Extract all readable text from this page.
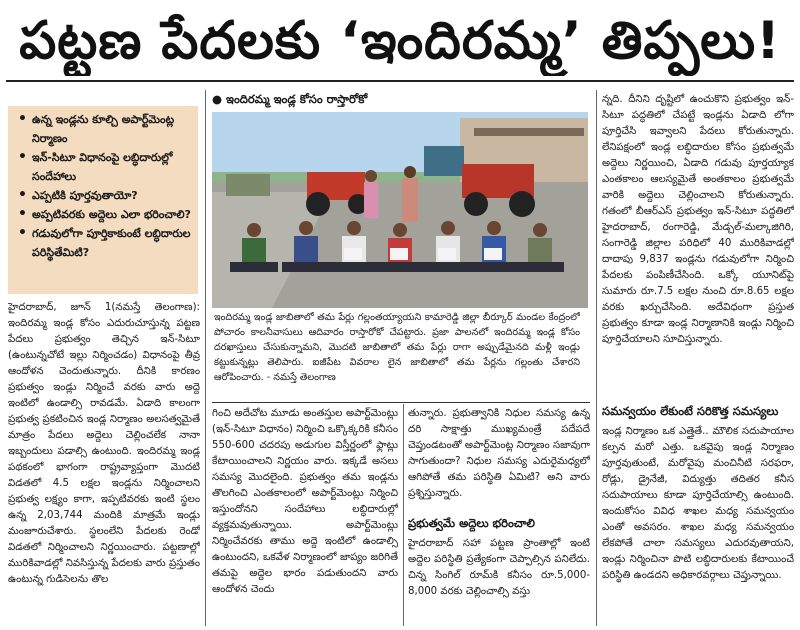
పట్టణ పేదలకు ‘ఇందిరమ్మ’ తిప్పలు!
• ఉన్న ఇండ్లను కూల్చి అపార్ట్‌మెంట్ల నిర్మాణం
• ఇన్‌-సిటూ విధానంపై లబ్ధిదారుల్లో సందేహాలు
• ఎప్పటికి పూర్తవుతాయో?
• అప్పటివరకు అద్దెలు ఎలా భరించాలి?
• గడువులోగా పూర్తికాకుంటే లబ్ధిదారుల పరిస్థితేమిటి?

హైదరాబాద్‌, జూన్ 1(నమస్తే తెలంగాణ): ఇందిరమ్మ ఇండ్ల కోసం ఎదురుచూస్తున్న పట్టణ పేదలు ప్రభుత్వం తెచ్చిన ఇన్‌-సిటూ (ఉంటున్నచోటే ఇల్లు నిర్మించడం) విధానంపై తీవ్ర ఆందోళన చెందుతున్నారు. దీనికి కారణం ప్రభుత్వం ఇండ్లు నిర్మించే వరకు వారు అద్దె ఇంటిలో ఉండాల్సి రావడమే. ఏడాది కాలంగా ప్రభుత్వ ప్రకటించిన ఇండ్ల నిర్మాణం అలసత్వమైతే మాత్రం పేదలు అద్దెలు చెల్లించలేక నానా ఇబ్బందులు పడాల్సి ఉంటుంది. ఇందిరమ్మ ఇండ్ల పథకంలో భాగంగా రాష్ట్రవ్యాప్తంగా మొదటి విడతలో 4.5 లక్షల ఇండ్లను నిర్మించాలని ప్రభుత్వ లక్ష్యం కాగా, ఇప్పటివరకు ఇంటి స్థలం ఉన్న 2,03,744 మందికి మాత్రమే ఇండ్లు మంజూరుచేశారు. స్థలంలేని పేదలకు రెండో విడతలో నిర్మించాలని నిర్ణయించారు. పట్టణాల్లో మురికివాడల్లో నివసిస్తున్న పేదలకు వారు ప్రస్తుతం ఉంటున్న గుడిసెలను తొల

● ఇందిరమ్మ ఇండ్ల కోసం రాస్తారోకో
ఇందిరమ్మ ఇండ్ల జాబితాలో తమ పేర్లు గల్లంతయ్యాయని కామారెడ్డి జిల్లా బీర్కూర్ మండల కేంద్రంలో పోచారం కాలనీవాసులు ఆదివారం రాస్తారోకో చేపట్టారు. ప్రజా పాలనలో ఇందిరమ్మ ఇండ్ల కోసం దరఖాస్తులు చేసుకున్నామని, మొదటి జాబితాలో తమ పేర్లు రాగా అప్పుడేమైనది మళ్లీ ఇండ్లు కట్టుకున్నట్లు తెలిపారు. ఐజీపేట వివరాల లైన జాబితాలో తమ పేర్లను గల్లంతు చేశారని ఆరోపించారు. - నమస్తే తెలంగాణ

గించి అదేచోట మూడు అంతస్తుల అపార్ట్‌మెంట్లు (ఇన్‌-సిటూ విధానం) నిర్మించి ఒక్కొక్కరికి కనీసం 550-600 చదరపు అడుగుల విస్తీర్ణంలో ఫ్లాట్లు కేటాయించాలని నిర్ణయం వారు. ఇక్కడే అసలు సమస్య మొదలైంది. ప్రభుత్వం తమ ఇండ్లను తొలగించి ఎంతకాలంలో అపార్ట్‌మెంట్లు నిర్మించి ఇస్తుందోనని సందేహాలు లబ్ధిదారుల్లో వ్యక్తమవుతున్నాయి. అపార్ట్‌మెంట్లు నిర్మించేవరకు తాము అద్దె ఇంటిలో ఉండాల్సి ఉంటుందని, ఒకవేళ నిర్మాణంలో జాప్యం జరిగితే తమపై అద్దెల భారం పడుతుందని వారు ఆందోళన చెందు

తున్నారు. ప్రభుత్వానికి నిధుల సమస్య ఉన్న దరి సాక్షాత్తు ముఖ్యమంత్రే పదేపదే చెప్తుండటంతో అపార్ట్‌మెంట్ల నిర్మాణం సజావుగా సాగుతుందా? నిధుల సమస్య ఎదురైమధ్యలో ఆగిపోతే తమ పరిస్థితి ఏమిటి? అని వారు ప్రశ్నిస్తున్నారు.

ప్రభుత్వమే అద్దెలు భరించాలి

హైదరాబాద్ సహా పట్టణ ప్రాంతాల్లో ఇంటి అద్దెల పరిస్థితి ప్రత్యేకంగా చెప్పాల్సిన పనిలేదు. చిన్న సింగిల్ రూమ్‌కి కనీసం రూ.5,000-8,000 వరకు చెల్లించాల్సి వస్తు

న్నది. దీనిని దృష్టిలో ఉంచుకొని ప్రభుత్వం ఇన్‌-సిటూ పద్ధతిలో చేపట్టే ఇండ్లను ఏడాది లోగా పూర్తిచేసి ఇవ్వాలని పేదలు కోరుతున్నారు. లేనిపక్షంలో ఇండ్ల లబ్ధిదారుల కోసం ప్రభుత్వమే అద్దెలు నిర్ణయించి, ఏడాది గడువు పూర్తయ్యాక ఎంతకాలం ఆలస్యమైతే అంతకాలం ప్రభుత్వమే వారికి అద్దెలు చెల్లించాలని కోరుతున్నారు. గతంలో బీఆర్‌ఎస్ ప్రభుత్వం ఇన్‌-సిటూ పద్ధతిలో హైదరాబాద్‌, రంగారెడ్డి, మేడ్చల్‌-మల్కాజిగిరి, సంగారెడ్డి జిల్లాల పరిధిలో 40 మురికివాడల్లో దాదాపు 9,837 ఇండ్లను గడువులోగా నిర్మించి పేదలకు పంపిణీచేసింది. ఒక్కో యూనిట్‌పై సుమారు రూ.7.5 లక్షల నుంచి రూ.8.65 లక్షల వరకు ఖర్చుచేసింది. అదేవిధంగా ప్రస్తుత ప్రభుత్వం కూడా ఇండ్ల నిర్మాణానికి ఇండ్లు నిర్మించి పూర్తిచేయాలని సూచిస్తున్నారు.

సమన్వయం లేకుంటే సరికొత్త సమస్యలు

ఇండ్ల నిర్మాణం ఒక ఎత్తైతే.. మౌలిక సదుపాయాల కల్పన మరో ఎత్తు. ఒకవైపు ఇండ్ల నిర్మాణం పూర్తవుతుంటే, మరోవైపు మంచినీటి సరఫరా, రోడ్లు, డ్రైనేజీ, విద్యుత్తు తదితర కనీస సదుపాయాలు కూడా పూర్తిచేయాల్సి ఉంటుంది. ఇందుకోసం వివిధ శాఖల మధ్య సమన్వయం ఎంతో అవసరం. శాఖల మధ్య సమన్వయం లేకపోతే చాలా సమస్యలు ఎదురవుతాయని, ఇండ్లు నిర్మించినా పొటి లబ్ధిదారులకు కేటాయించే పరిస్థితి ఉండదని అధికారవర్గాలు చెప్తున్నాయి.
